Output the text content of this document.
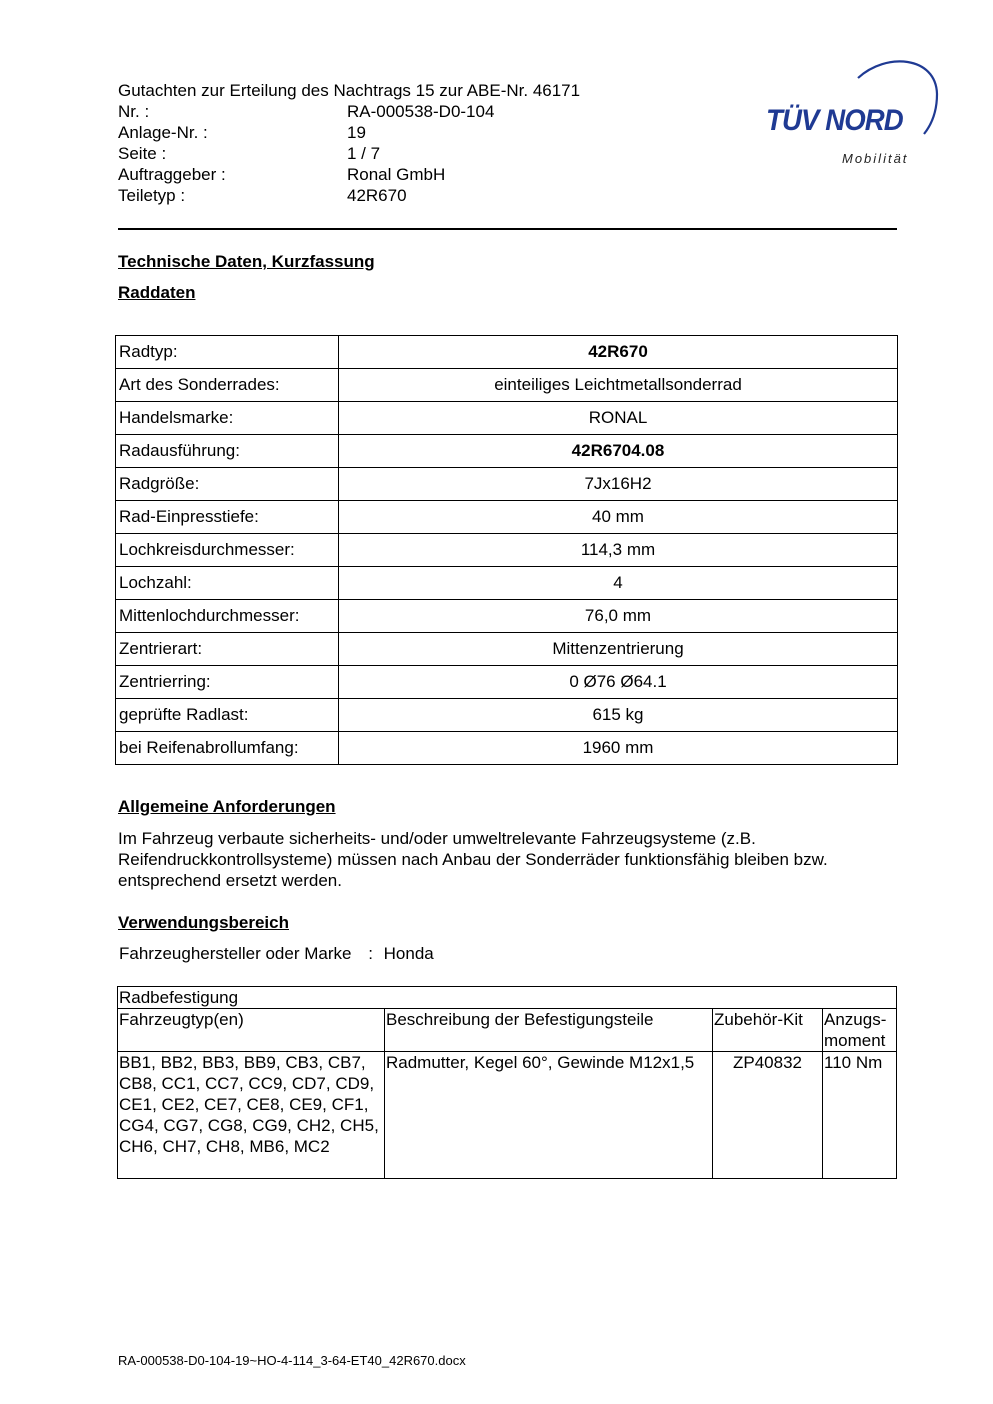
Gutachten zur Erteilung des Nachtrags 15 zur ABE-Nr. 46171
Nr. :	RA-000538-D0-104
Anlage-Nr. :	19
Seite :	1 / 7
Auftraggeber :	Ronal GmbH
Teiletyp :	42R670
TÜV NORD
Mobilität
Technische Daten, Kurzfassung
Raddaten
Radtyp:	42R670
Art des Sonderrades:	einteiliges Leichtmetallsonderrad
Handelsmarke:	RONAL
Radausführung:	42R6704.08
Radgröße:	7Jx16H2
Rad-Einpresstiefe:	40 mm
Lochkreisdurchmesser:	114,3 mm
Lochzahl:	4
Mittenlochdurchmesser:	76,0 mm
Zentrierart:	Mittenzentrierung
Zentrierring:	0 Ø76 Ø64.1
geprüfte Radlast:	615 kg
bei Reifenabrollumfang:	1960 mm
Allgemeine Anforderungen
Im Fahrzeug verbaute sicherheits- und/oder umweltrelevante Fahrzeugsysteme (z.B. Reifendruckkontrollsysteme) müssen nach Anbau der Sonderräder funktionsfähig bleiben bzw. entsprechend ersetzt werden.
Verwendungsbereich
Fahrzeughersteller oder Marke : Honda
Radbefestigung			
Fahrzeugtyp(en)	Beschreibung der Befestigungsteile	Zubehör-Kit	Anzugs-moment
BB1, BB2, BB3, BB9, CB3, CB7, CB8, CC1, CC7, CC9, CD7, CD9, CE1, CE2, CE7, CE8, CE9, CF1, CG4, CG7, CG8, CG9, CH2, CH5, CH6, CH7, CH8, MB6, MC2	Radmutter, Kegel 60°, Gewinde M12x1,5	ZP40832	110 Nm
RA-000538-D0-104-19~HO-4-114_3-64-ET40_42R670.docx
